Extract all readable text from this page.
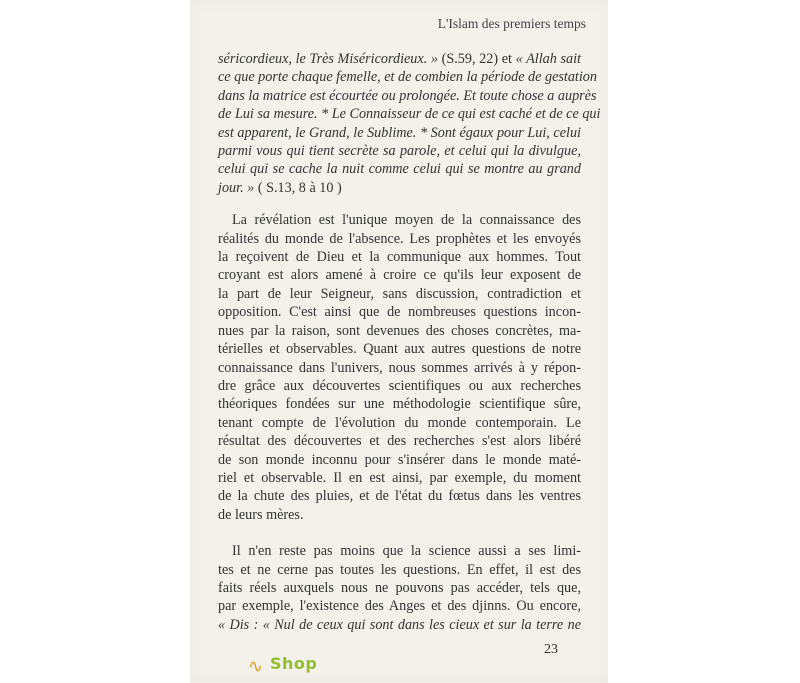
L'Islam des premiers temps
séricordieux, le Très Miséricordieux. » (S.59, 22) et « Allah sait
ce que porte chaque femelle, et de combien la période de gestation
dans la matrice est écourtée ou prolongée. Et toute chose a auprès
de Lui sa mesure. * Le Connaisseur de ce qui est caché et de ce qui
est apparent, le Grand, le Sublime. * Sont égaux pour Lui, celui
parmi vous qui tient secrète sa parole, et celui qui la divulgue,
celui qui se cache la nuit comme celui qui se montre au grand
jour. » ( S.13, 8 à 10 )
La révélation est l'unique moyen de la connaissance des
réalités du monde de l'absence. Les prophètes et les envoyés
la reçoivent de Dieu et la communique aux hommes. Tout
croyant est alors amené à croire ce qu'ils leur exposent de
la part de leur Seigneur, sans discussion, contradiction et
opposition. C'est ainsi que de nombreuses questions incon-
nues par la raison, sont devenues des choses concrètes, ma-
térielles et observables. Quant aux autres questions de notre
connaissance dans l'univers, nous sommes arrivés à y répon-
dre grâce aux découvertes scientifiques ou aux recherches
théoriques fondées sur une méthodologie scientifique sûre,
tenant compte de l'évolution du monde contemporain. Le
résultat des découvertes et des recherches s'est alors libéré
de son monde inconnu pour s'insérer dans le monde maté-
riel et observable. Il en est ainsi, par exemple, du moment
de la chute des pluies, et de l'état du fœtus dans les ventres
de leurs mères.
Il n'en reste pas moins que la science aussi a ses limi-
tes et ne cerne pas toutes les questions. En effet, il est des
faits réels auxquels nous ne pouvons pas accéder, tels que,
par exemple, l'existence des Anges et des djinns. Ou encore,
« Dis : « Nul de ceux qui sont dans les cieux et sur la terre ne
23
∿ Shop
